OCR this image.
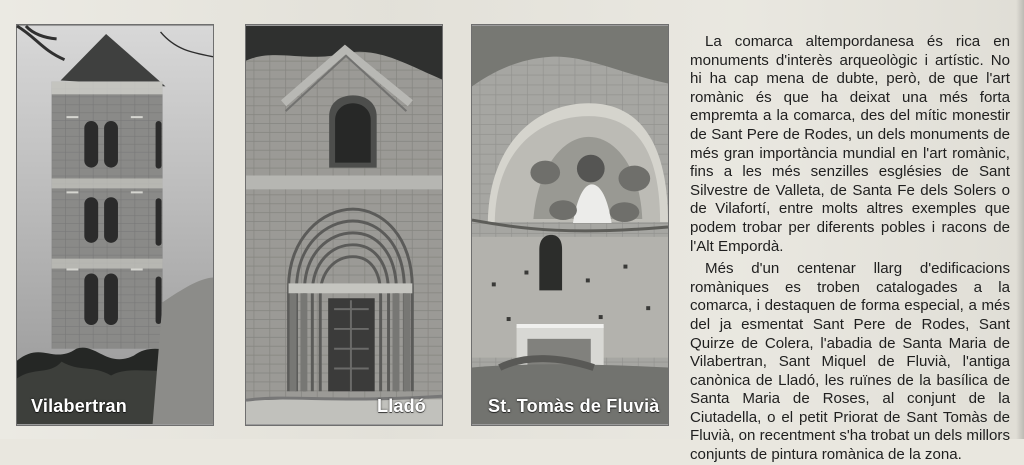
Vilabertran	Lladó	St. Tomàs de Fluvià

La comarca altempordanesa és rica en monuments d'interès arqueològic i artístic. No hi ha cap mena de dubte, però, de que l'art romànic és que ha deixat una més forta empremta a la comarca, des del mític monestir de Sant Pere de Rodes, un dels monuments de més gran importància mundial en l'art romànic, fins a les més senzilles esglésies de Sant Silvestre de Valleta, de Santa Fe dels Solers o de Vilafortí, entre molts altres exemples que podem trobar per diferents pobles i racons de l'Alt Empordà.

Més d'un centenar llarg d'edificacions romàniques es troben catalogades a la comarca, i destaquen de forma especial, a més del ja esmentat Sant Pere de Rodes, Sant Quirze de Colera, l'abadia de Santa Maria de Vilabertran, Sant Miquel de Fluvià, l'antiga canònica de Lladó, les ruïnes de la basílica de Santa Maria de Roses, al conjunt de la Ciutadella, o el petit Priorat de Sant Tomàs de Fluvià, on recentment s'ha trobat un dels millors conjunts de pintura romànica de la zona.
